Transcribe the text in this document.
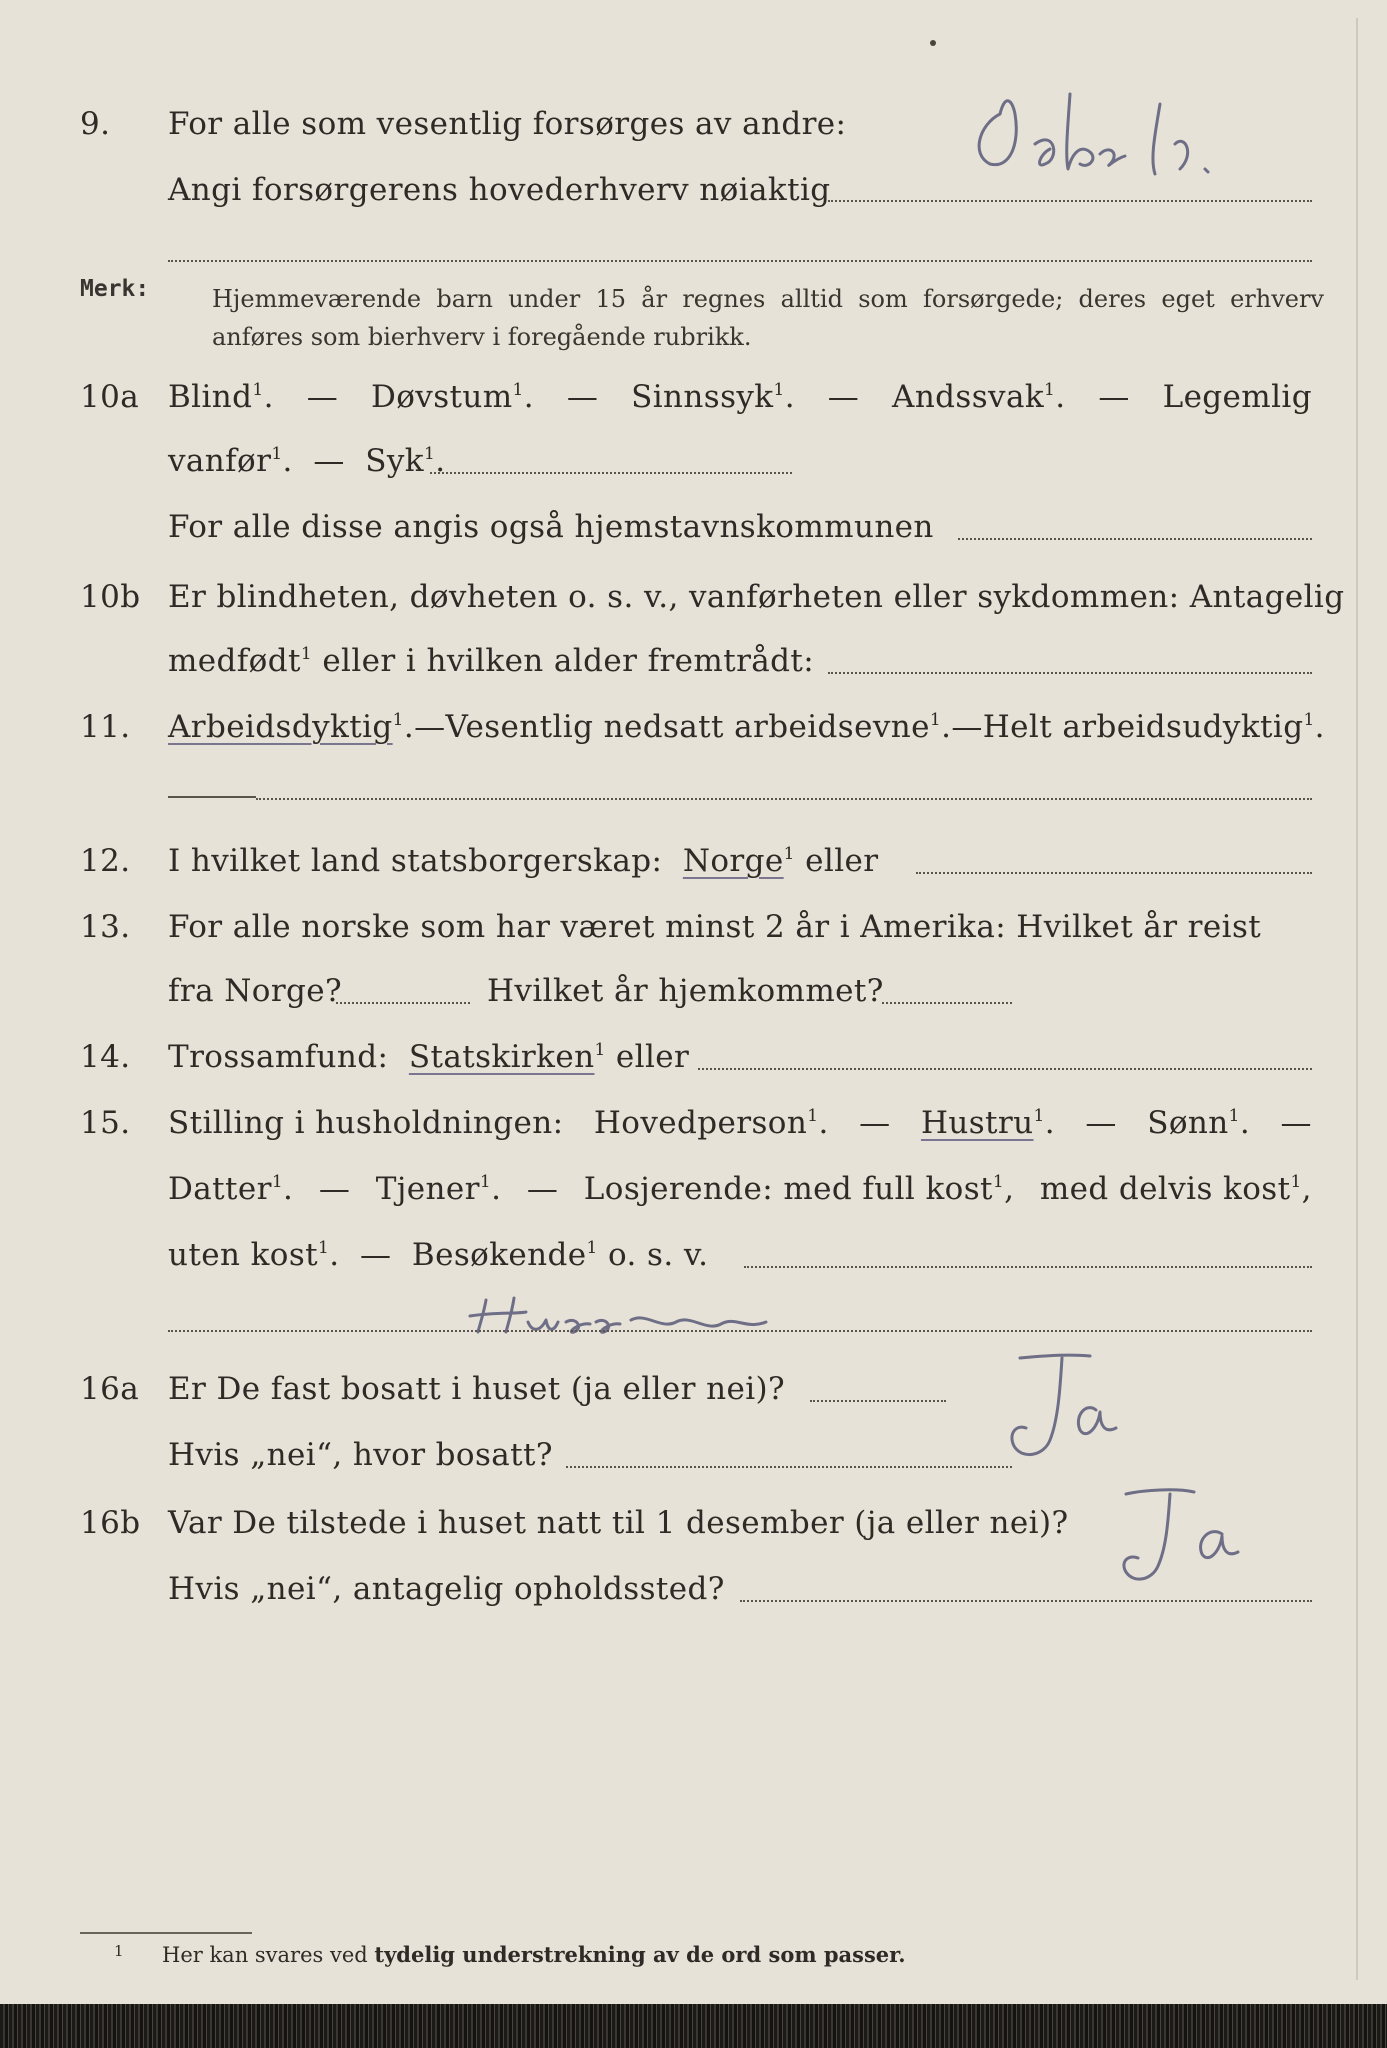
9. For alle som vesentlig forsørges av andre:
Angi forsørgerens hovederhverv nøiaktig
Merk:	Hjemmeværende barn under 15 år regnes alltid som forsørgede; deres eget erhverv anføres som bierhverv i foregående rubrikk.
10a Blind$^1$. — Døvstum$^1$. — Sinnssyk$^1$. — Andssvak$^1$. — Legemlig
vanfør$^1$.  — Syk$^1$.
For alle disse angis også hjemstavnskommunen
10b Er blindheten, døvheten o. s. v., vanførheten eller sykdommen: Antagelig
medfødt$^1$ eller i hvilken alder fremtrådt:
11. Arbeidsdyktig$^1$. — Vesentlig nedsatt arbeidsevne$^1$. — Helt arbeidsudyktig$^1$.
12. I hvilket land statsborgerskap: Norge$^1$ eller
13. For alle norske som har været minst 2 år i Amerika: Hvilket år reist
fra Norge?	Hvilket år hjemkommet?
14. Trossamfund: Statskirken$^1$ eller
15. Stilling i husholdningen: Hovedperson$^1$. — Hustru$^1$. — Sønn$^1$. —
Datter$^1$. — Tjener$^1$. — Losjerende: med full kost$^1$, med delvis kost$^1$,
uten kost$^1$.  — Besøkende$^1$ o. s. v.
16a Er De fast bosatt i huset (ja eller nei)?
Hvis „nei“, hvor bosatt?
16b Var De tilstede i huset natt til 1 desember (ja eller nei)?
Hvis „nei“, antagelig opholdssted?
1 Her kan svares ved tydelig understrekning av de ord som passer.
